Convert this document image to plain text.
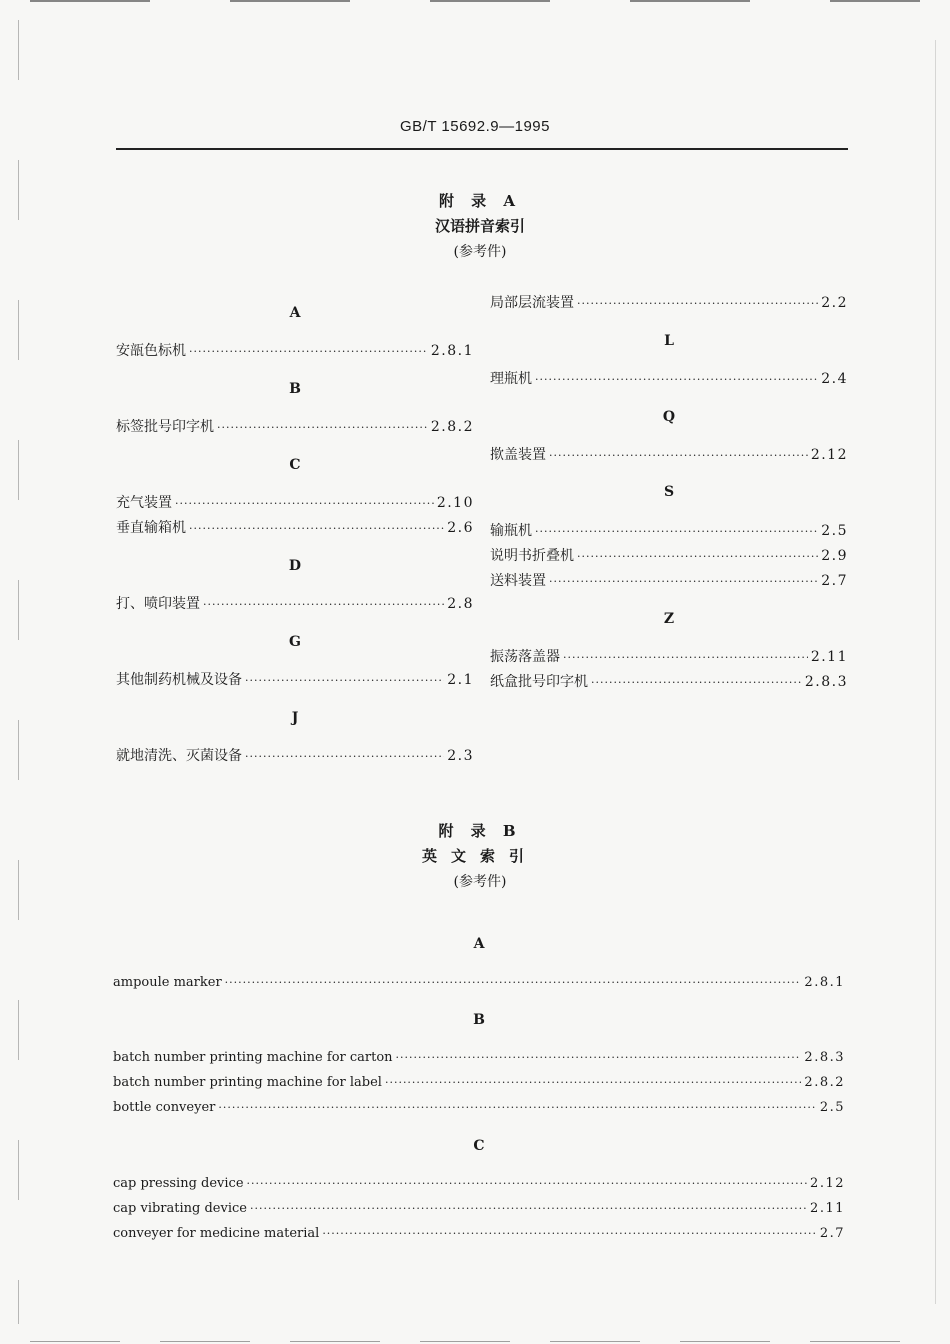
GB/T 15692.9—1995
附 录 A
汉语拼音索引
(参考件)
A
安瓿色标机 ·····	2.8.1
B
标签批号印字机 ·····	2.8.2
C
充气装置 ·····	2.10
垂直输箱机 ·····	2.6
D
打、喷印装置 ·····	2.8
G
其他制药机械及设备 ·····	2.1
J
就地清洗、灭菌设备 ·····	2.3
局部层流装置 ·····	2.2
L
理瓶机 ·····	2.4
Q
揿盖装置 ·····	2.12
S
输瓶机 ·····	2.5
说明书折叠机 ·····	2.9
送料装置 ·····	2.7
Z
振荡落盖器 ·····	2.11
纸盒批号印字机 ·····	2.8.3
附 录 B
英文索引
(参考件)
A
ampoule marker ·····	2.8.1
B
batch number printing machine for carton ·····	2.8.3
batch number printing machine for label ·····	2.8.2
bottle conveyer ·····	2.5
C
cap pressing device ·····	2.12
cap vibrating device ·····	2.11
conveyer for medicine material ·····	2.7
